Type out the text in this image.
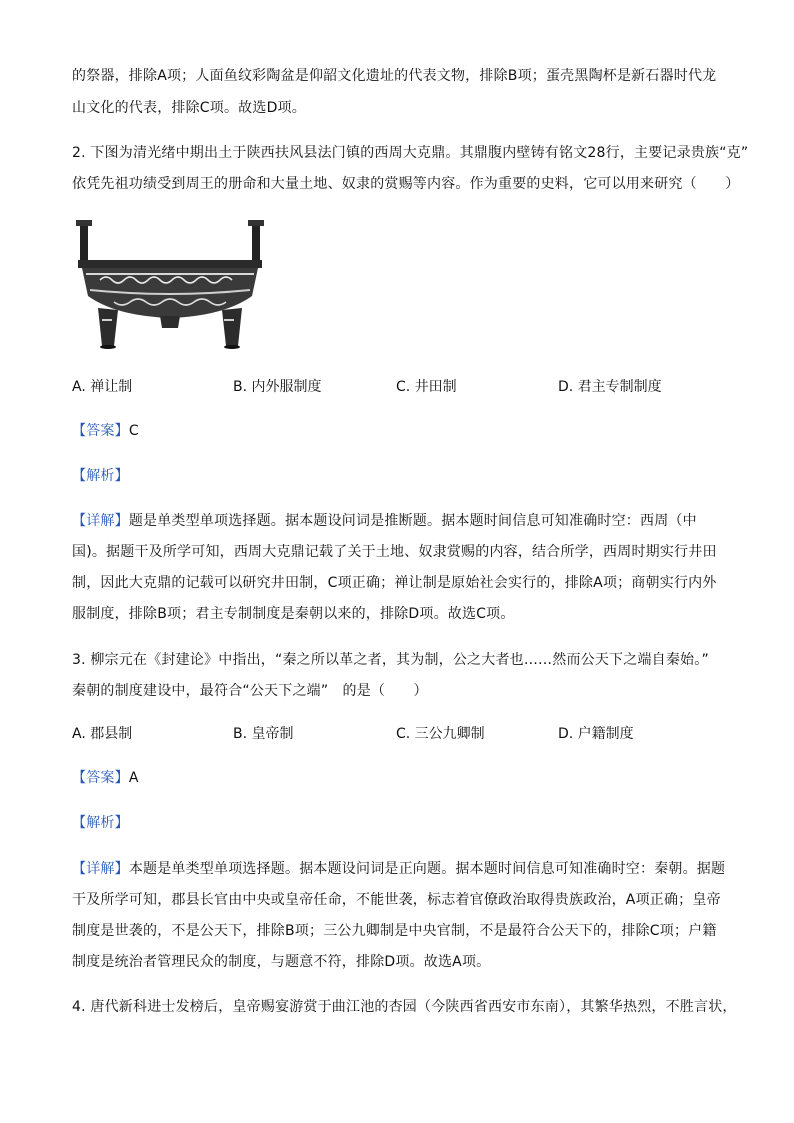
的祭器，排除A项；人面鱼纹彩陶盆是仰韶文化遗址的代表文物，排除B项；蛋壳黑陶杯是新石器时代龙
山文化的代表，排除C项。故选D项。
2. 下图为清光绪中期出土于陕西扶风县法门镇的西周大克鼎。其鼎腹内壁铸有铭文28行，主要记录贵族“克”
依凭先祖功绩受到周王的册命和大量土地、奴隶的赏赐等内容。作为重要的史料，它可以用来研究（　　）
A. 禅让制	B. 内外服制度	C. 井田制	D. 君主专制制度
【答案】C
【解析】
【详解】题是单类型单项选择题。据本题设问词是推断题。据本题时间信息可知准确时空：西周（中
国)。据题干及所学可知，西周大克鼎记载了关于土地、奴隶赏赐的内容，结合所学，西周时期实行井田
制，因此大克鼎的记载可以研究井田制，C项正确；禅让制是原始社会实行的，排除A项；商朝实行内外
服制度，排除B项；君主专制制度是秦朝以来的，排除D项。故选C项。
3. 柳宗元在《封建论》中指出，“秦之所以革之者，其为制，公之大者也……然而公天下之端自秦始。”
秦朝的制度建设中，最符合“公天下之端”　的是（　　）
A. 郡县制	B. 皇帝制	C. 三公九卿制	D. 户籍制度
【答案】A
【解析】
【详解】本题是单类型单项选择题。据本题设问词是正向题。据本题时间信息可知准确时空：秦朝。据题
干及所学可知，郡县长官由中央或皇帝任命，不能世袭，标志着官僚政治取得贵族政治，A项正确；皇帝
制度是世袭的，不是公天下，排除B项；三公九卿制是中央官制，不是最符合公天下的，排除C项；户籍
制度是统治者管理民众的制度，与题意不符，排除D项。故选A项。
4. 唐代新科进士发榜后，皇帝赐宴游赏于曲江池的杏园（今陕西省西安市东南），其繁华热烈，不胜言状，
